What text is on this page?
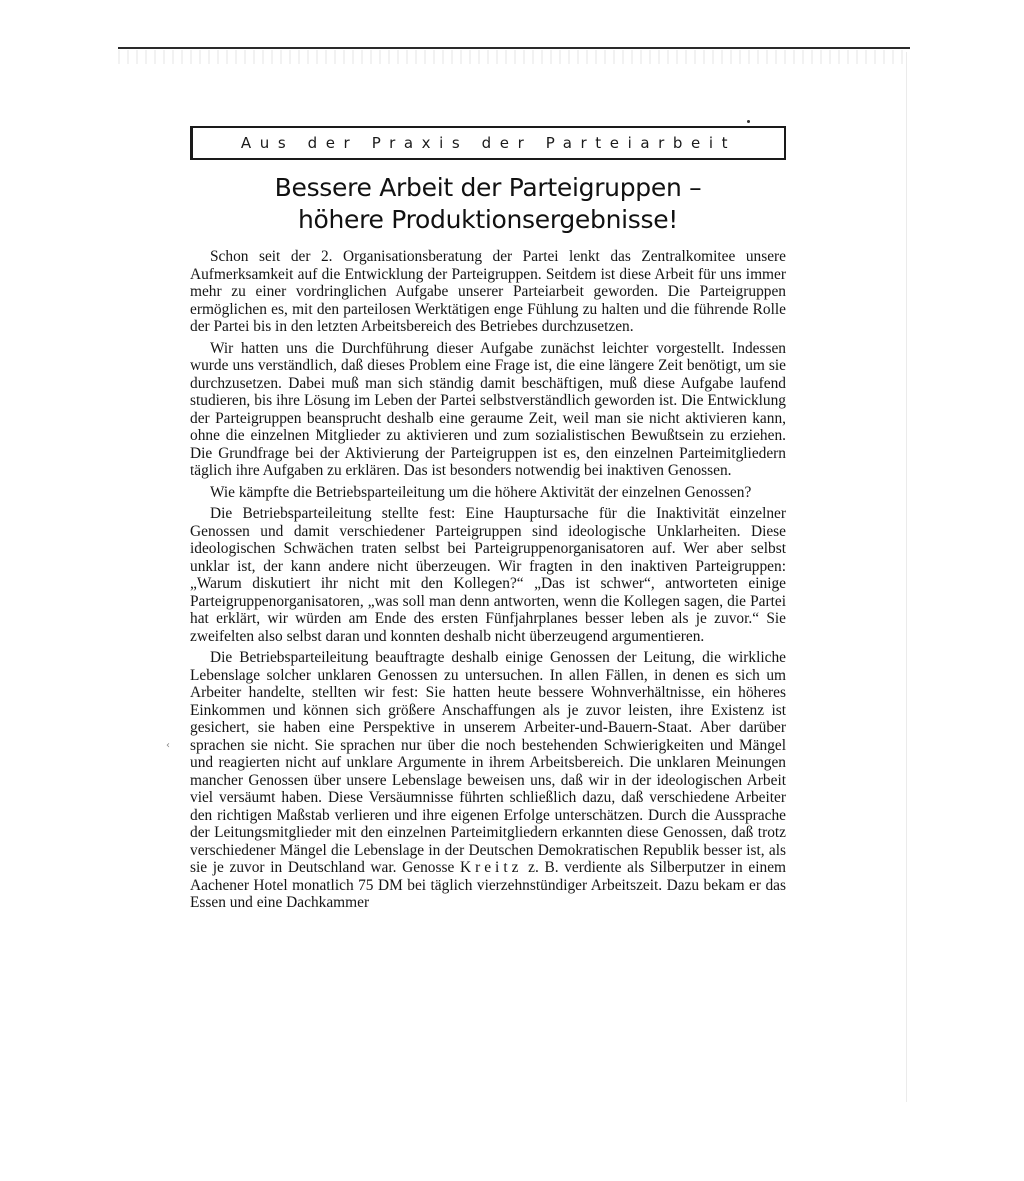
Aus der Praxis der Parteiarbeit
Bessere Arbeit der Parteigruppen –
höhere Produktionsergebnisse!

Schon seit der 2. Organisationsberatung der Partei lenkt das Zentralkomitee unsere Aufmerksamkeit auf die Entwicklung der Parteigruppen. Seitdem ist diese Arbeit für uns immer mehr zu einer vordringlichen Aufgabe unserer Parteiarbeit geworden. Die Parteigruppen ermöglichen es, mit den parteilosen Werktätigen enge Fühlung zu halten und die führende Rolle der Partei bis in den letzten Arbeitsbereich des Betriebes durchzusetzen.

Wir hatten uns die Durchführung dieser Aufgabe zunächst leichter vorgestellt. Indessen wurde uns verständlich, daß dieses Problem eine Frage ist, die eine längere Zeit benötigt, um sie durchzusetzen. Dabei muß man sich ständig damit beschäftigen, muß diese Aufgabe laufend studieren, bis ihre Lösung im Leben der Partei selbstverständlich geworden ist. Die Entwicklung der Parteigruppen beansprucht deshalb eine geraume Zeit, weil man sie nicht aktivieren kann, ohne die einzelnen Mitglieder zu aktivieren und zum sozialistischen Bewußtsein zu erziehen. Die Grundfrage bei der Aktivierung der Parteigruppen ist es, den einzelnen Parteimitgliedern täglich ihre Aufgaben zu erklären. Das ist besonders notwendig bei inaktiven Genossen.

Wie kämpfte die Betriebsparteileitung um die höhere Aktivität der einzelnen Genossen?

Die Betriebsparteileitung stellte fest: Eine Hauptursache für die Inaktivität einzelner Genossen und damit verschiedener Parteigruppen sind ideologische Unklarheiten. Diese ideologischen Schwächen traten selbst bei Parteigruppenorganisatoren auf. Wer aber selbst unklar ist, der kann andere nicht überzeugen. Wir fragten in den inaktiven Parteigruppen: „Warum diskutiert ihr nicht mit den Kollegen?“ „Das ist schwer“, antworteten einige Parteigruppenorganisatoren, „was soll man denn antworten, wenn die Kollegen sagen, die Partei hat erklärt, wir würden am Ende des ersten Fünfjahrplanes besser leben als je zuvor.“ Sie zweifelten also selbst daran und konnten deshalb nicht überzeugend argumentieren.

Die Betriebsparteileitung beauftragte deshalb einige Genossen der Leitung, die wirkliche Lebenslage solcher unklaren Genossen zu untersuchen. In allen Fällen, in denen es sich um Arbeiter handelte, stellten wir fest: Sie hatten heute bessere Wohnverhältnisse, ein höheres Einkommen und können sich größere Anschaffungen als je zuvor leisten, ihre Existenz ist gesichert, sie haben eine Perspektive in unserem Arbeiter-und-Bauern-Staat. Aber darüber sprachen sie nicht. Sie sprachen nur über die noch bestehenden Schwierigkeiten und Mängel und reagierten nicht auf unklare Argumente in ihrem Arbeitsbereich. Die unklaren Meinungen mancher Genossen über unsere Lebenslage beweisen uns, daß wir in der ideologischen Arbeit viel versäumt haben. Diese Versäumnisse führten schließlich dazu, daß verschiedene Arbeiter den richtigen Maßstab verlieren und ihre eigenen Erfolge unterschätzen. Durch die Aussprache der Leitungsmitglieder mit den einzelnen Parteimitgliedern erkannten diese Genossen, daß trotz verschiedener Mängel die Lebenslage in der Deutschen Demokratischen Republik besser ist, als sie je zuvor in Deutschland war. Genosse Kreitz z. B. verdiente als Silberputzer in einem Aachener Hotel monatlich 75 DM bei täglich vierzehnstündiger Arbeitszeit. Dazu bekam er das Essen und eine Dachkammer

‹
